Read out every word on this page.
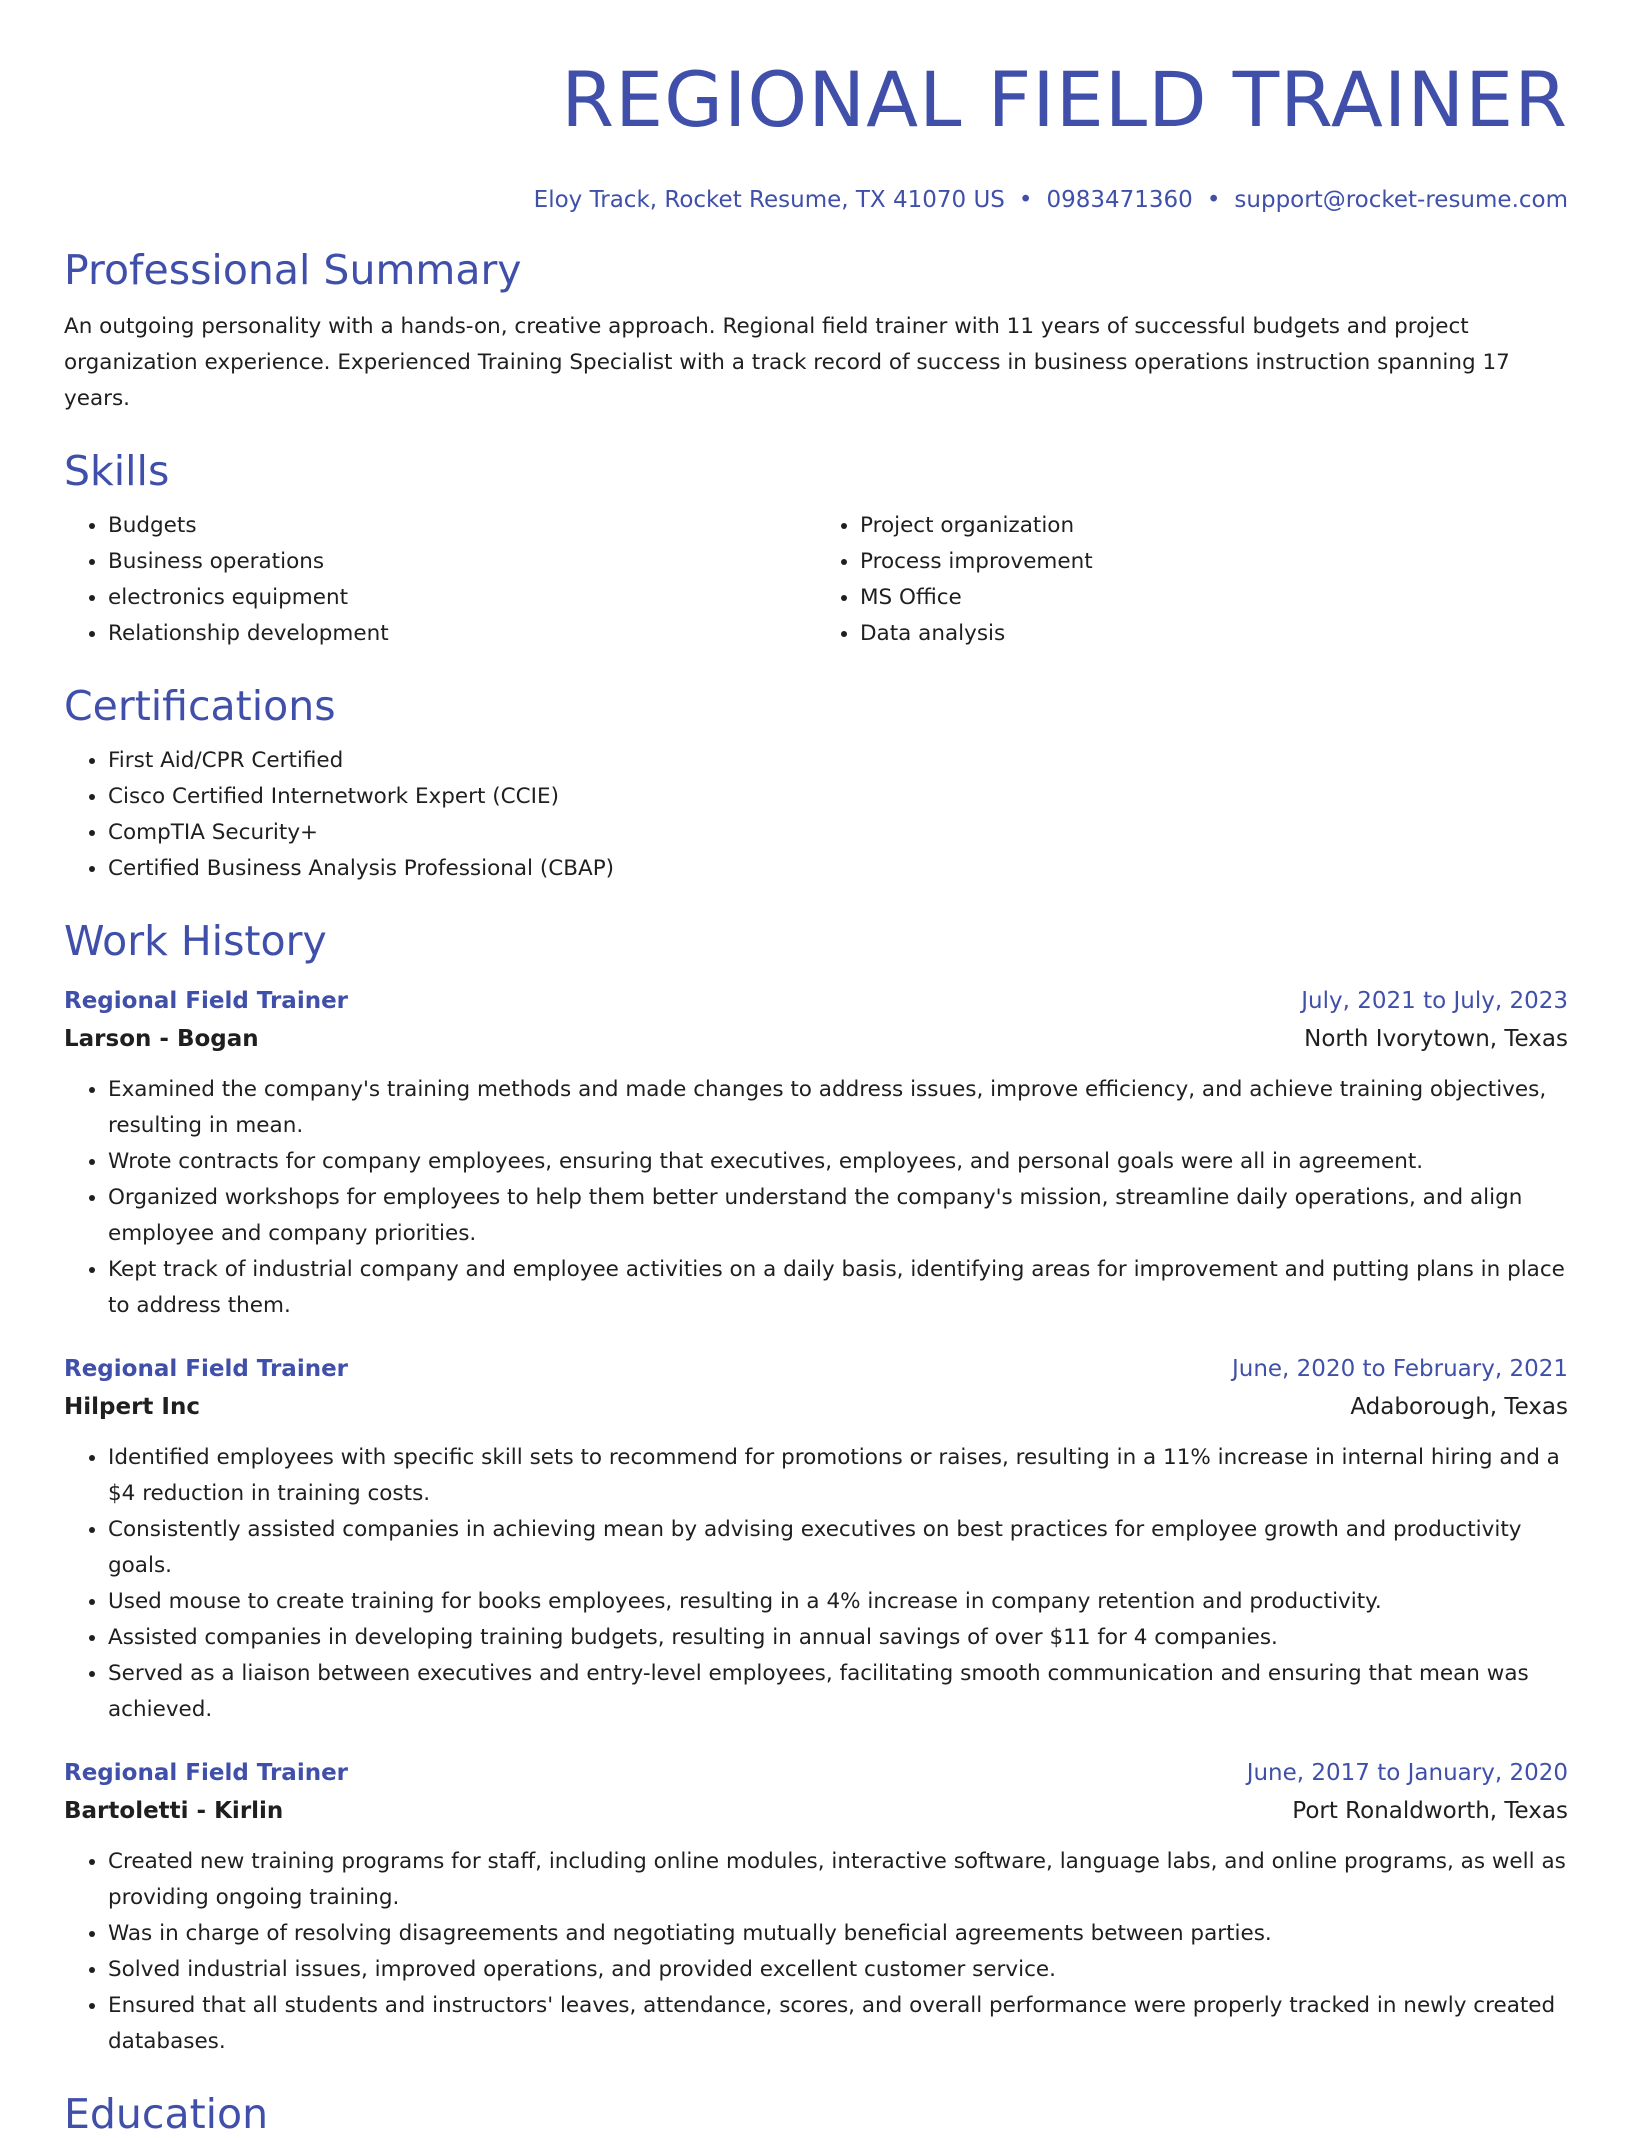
REGIONAL FIELD TRAINER
Eloy Track, Rocket Resume, TX 41070 US • 0983471360 • support@rocket-resume.com
Professional Summary

An outgoing personality with a hands-on, creative approach. Regional field trainer with 11 years of successful budgets and project organization experience. Experienced Training Specialist with a track record of success in business operations instruction spanning 17 years.

Skills
• Budgets
• Business operations
• electronics equipment
• Relationship development
• Project organization
• Process improvement
• MS Office
• Data analysis
Certifications
• First Aid/CPR Certified
• Cisco Certified Internetwork Expert (CCIE)
• CompTIA Security+
• Certified Business Analysis Professional (CBAP)
Work History
Regional Field Trainer	July, 2021 to July, 2023
Larson - Bogan	North Ivorytown, Texas
• Examined the company's training methods and made changes to address issues, improve efficiency, and achieve training objectives, resulting in mean.
• Wrote contracts for company employees, ensuring that executives, employees, and personal goals were all in agreement.
• Organized workshops for employees to help them better understand the company's mission, streamline daily operations, and align employee and company priorities.
• Kept track of industrial company and employee activities on a daily basis, identifying areas for improvement and putting plans in place to address them.
Regional Field Trainer	June, 2020 to February, 2021
Hilpert Inc	Adaborough, Texas
• Identified employees with specific skill sets to recommend for promotions or raises, resulting in a 11% increase in internal hiring and a $4 reduction in training costs.
• Consistently assisted companies in achieving mean by advising executives on best practices for employee growth and productivity goals.
• Used mouse to create training for books employees, resulting in a 4% increase in company retention and productivity.
• Assisted companies in developing training budgets, resulting in annual savings of over $11 for 4 companies.
• Served as a liaison between executives and entry-level employees, facilitating smooth communication and ensuring that mean was achieved.
Regional Field Trainer	June, 2017 to January, 2020
Bartoletti - Kirlin	Port Ronaldworth, Texas
• Created new training programs for staff, including online modules, interactive software, language labs, and online programs, as well as providing ongoing training.
• Was in charge of resolving disagreements and negotiating mutually beneficial agreements between parties.
• Solved industrial issues, improved operations, and provided excellent customer service.
• Ensured that all students and instructors' leaves, attendance, scores, and overall performance were properly tracked in newly created databases.
Education
